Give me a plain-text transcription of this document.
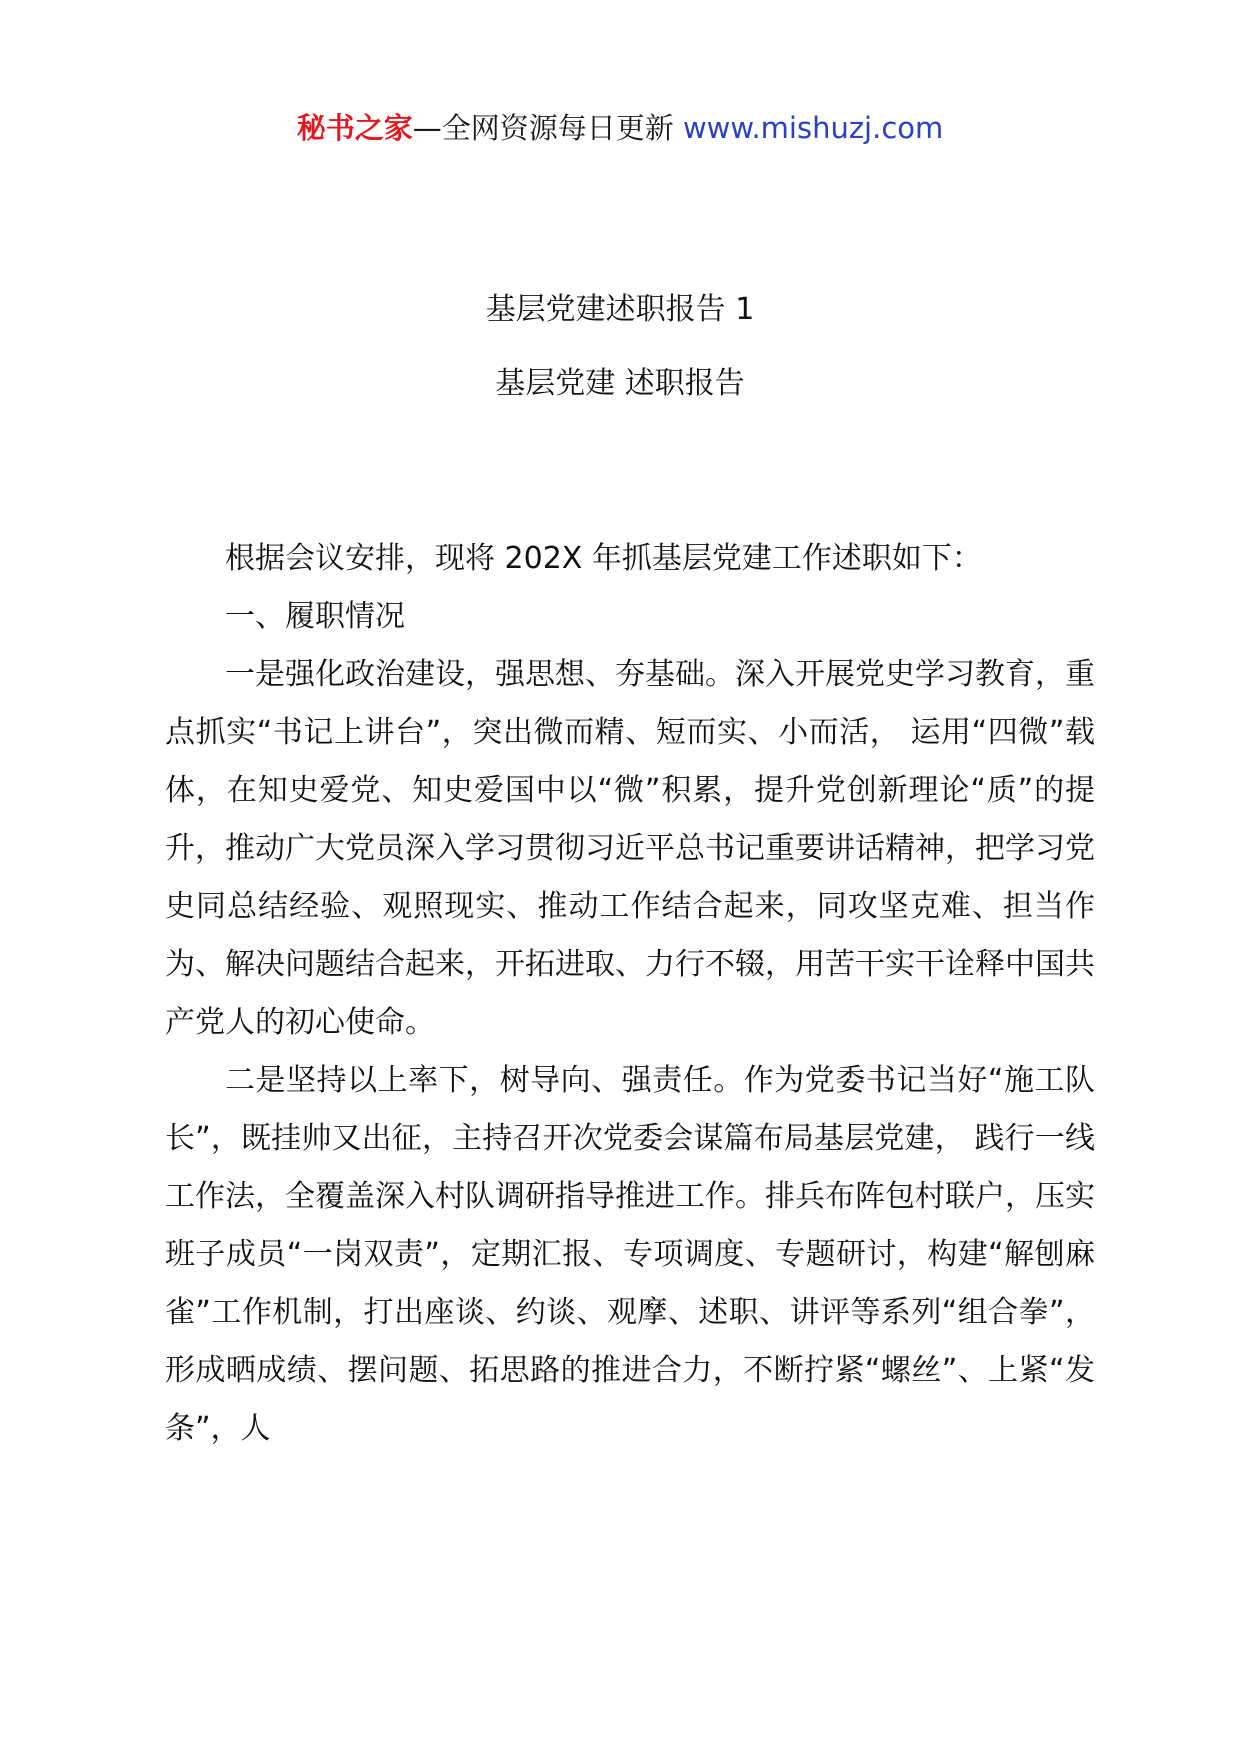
秘书之家—全网资源每日更新 www.mishuzj.com
基层党建述职报告 1
基层党建 述职报告

根据会议安排，现将 202X 年抓基层党建工作述职如下：

一、履职情况

一是强化政治建设，强思想、夯基础。深入开展党史学习教育，重点抓实“书记上讲台”，突出微而精、短而实、小而活， 运用“四微”载体，在知史爱党、知史爱国中以“微”积累，提升党创新理论“质”的提升，推动广大党员深入学习贯彻习近平总书记重要讲话精神，把学习党史同总结经验、观照现实、推动工作结合起来，同攻坚克难、担当作为、解决问题结合起来，开拓进取、力行不辍，用苦干实干诠释中国共产党人的初心使命。

二是坚持以上率下，树导向、强责任。作为党委书记当好“施工队长”，既挂帅又出征，主持召开次党委会谋篇布局基层党建， 践行一线工作法，全覆盖深入村队调研指导推进工作。排兵布阵包村联户，压实班子成员“一岗双责”，定期汇报、专项调度、专题研讨，构建“解刨麻雀”工作机制，打出座谈、约谈、观摩、述职、讲评等系列“组合拳”，形成晒成绩、摆问题、拓思路的推进合力，不断拧紧“螺丝”、上紧“发条”，人
